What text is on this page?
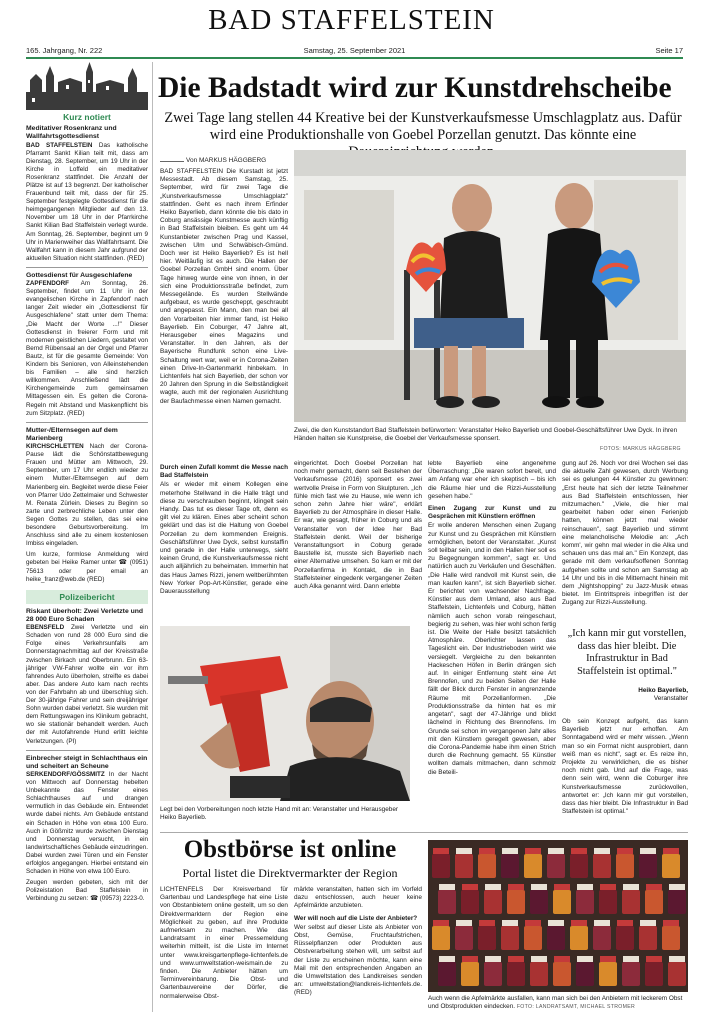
BAD STAFFELSTEIN
165. Jahrgang, Nr. 222	Samstag, 25. September 2021	Seite 17
Kurz notiert
Meditativer Rosenkranz und Wallfahrtsgottesdienst
BAD STAFFELSTEIN Das katholische Pfarramt Sankt Kilian teilt mit, dass am Dienstag, 28. September, um 19 Uhr in der Kirche in Loffeld ein meditativer Rosenkranz stattfindet. Die Anzahl der Plätze ist auf 13 begrenzt. Der katholischer Frauenbund teilt mit, dass der für 25. September festgelegte Gottesdienst für die heimgegangenen Mitglieder auf den 13. November um 18 Uhr in der Pfarrkirche Sankt Kilian Bad Staffelstein verlegt wurde. Am Sonntag, 26. September, beginnt um 9 Uhr in Marienweiher das Wallfahrtsamt. Die Wallfahrt kann in diesem Jahr aufgrund der aktuellen Situation nicht stattfinden. (RED)
Gottesdienst für Ausgeschlafene
ZAPFENDORF Am Sonntag, 26. September, findet um 11 Uhr in der evangelischen Kirche in Zapfendorf nach langer Zeit wieder ein „Gottesdienst für Ausgeschlafene" statt unter dem Thema: „Die Macht der Worte ...!" Dieser Gottesdienst in freierer Form und mit modernen geistlichen Liedern, gestaltet von Bernd Rübensaal an der Orgel und Pfarrer Bautz, ist für die gesamte Gemeinde: Von Kindern bis Senioren, von Alleinstehenden bis Familien – alle sind herzlich willkommen. Anschließend lädt die Kirchengemeinde zum gemeinsamen Mittagessen ein. Es gelten die Corona-Regeln mit Abstand und Maskenpflicht bis zum Sitzplatz. (RED)
Mutter-/Elternsegen auf dem Marienberg
KIRCHSCHLETTEN Nach der Corona-Pause lädt die Schönstattbewegung Frauen und Mütter am Mittwoch, 29. September, um 17 Uhr endlich wieder zu einem Mutter-/Elternsegen auf dem Marienberg ein. Begleitet werde diese Feier von Pfarrer Udo Zettelmaier und Schwester M. Renata Zürlein. Dieses zu Beginn so zarte und zerbrechliche Leben unter den Segen Gottes zu stellen, das sei eine besondere Geburtsvorbereitung. Im Anschluss sind alle zu einem kostenlosen Imbiss eingeladen.
Um kurze, formlose Anmeldung wird gebeten bei Heike Ramer unter ☎ (0951) 75613 oder per email an heike_franz@web.de (RED)
Polizeibericht
Riskant überholt: Zwei Verletzte und 28 000 Euro Schaden
EBENSFELD Zwei Verletzte und ein Schaden von rund 28 000 Euro sind die Folge eines Verkehrsunfalls am Donnerstagnachmittag auf der Kreisstraße zwischen Birkach und Oberbrunn. Ein 63-jähriger VW-Fahrer wollte ein vor ihm fahrendes Auto überholen, streifte es dabei aber. Das andere Auto kam nach rechts von der Fahrbahn ab und überschlug sich. Der 30-jährige Fahrer und sein dreijähriger Sohn wurden dabei verletzt. Sie wurden mit dem Rettungswagen ins Klinikum gebracht, wo sie stationär behandelt werden. Auch der mit Autofahrende Hund erlitt leichte Verletzungen. (PI)
Einbrecher steigt in Schlachthaus ein und scheitert an Scheune
SERKENDORF/GÖSSMITZ In der Nacht von Mittwoch auf Donnerstag hebelten Unbekannte das Fenster eines Schlachthauses auf und drangen vermutlich in das Gebäude ein. Entwendet wurde dabei nichts. Am Gebäude entstand ein Schaden in Höhe von etwa 100 Euro. Auch in Gößmitz wurde zwischen Dienstag und Donnerstag versucht, in ein landwirtschaftliches Gebäude einzudringen. Dabei wurden zwei Türen und ein Fenster erfolglos angegangen. Hierbei entstand ein Schaden in Höhe von etwa 100 Euro.
Zeugen werden gebeten, sich mit der Polizeistation Bad Staffelstein in Verbindung zu setzen: ☎ (09573) 2223-0.
Die Badstadt wird zur Kunstdrehscheibe
Zwei Tage lang stellen 44 Kreative bei der Kunstverkaufsmesse Umschlagplatz aus. Dafür wird eine Produktionshalle von Goebel Porzellan genutzt. Das könnte eine
Von MARKUS HÄGGBERG
BAD STAFFELSTEIN Die Kurstadt ist jetzt Messestadt. Ab diesem Samstag, 25. September, wird für zwei Tage die „Kunstverkaufsmesse Umschlagplatz" stattfinden. Geht es nach ihrem Erfinder Heiko Bayerlieb, dann könnte die bis dato in Coburg ansässige Kunstmesse auch künftig in Bad Staffelstein bleiben. Es geht um 44 Kunstanbieter zwischen Prag und Kassel, zwischen Ulm und Schwäbisch-Gmünd. Doch wer ist Heiko Bayerlieb? Es ist hell hier. Weitläufig ist es auch. Die Hallen der Goebel Porzellan GmbH sind enorm. Über Tage hinweg wurde eine von ihnen, in der sich eine Produktionsstraße befindet, zum Messegelände. Es wurden Stellwände aufgebaut, es wurde gescheppt, geschraubt und angepasst. Ein Mann, den man bei all den Vorarbeiten hier immer fand, ist Heiko Bayerlieb. Ein Coburger, 47 Jahre alt, Herausgeber eines Magazins und Veranstalter. In den Jahren, als der Bayerische Rundfunk schon eine Live-Schaltung wert war, weil er in Corona-Zeiten einen Drive-In-Gartenmarkt hinbekam. In Lichtenfels hat sich Bayerlieb, der schon vor 20 Jahren den Sprung in die Selbständigkeit wagte, auch mit der regionalen Ausrichtung der Baufachmesse einen Namen gemacht.
Durch einen Zufall kommt die Messe nach Bad Staffelstein
Als er wieder mit einem Kollegen eine meterhohe Stellwand in die Halle trägt und diese zu verschrauben beginnt, klingelt sein Handy. Das tut es dieser Tage oft, denn es gilt viel zu klären. Eines aber scheint schon geklärt und das ist die Haltung von Goebel Porzellan zu dem kommenden Ereignis. Geschäftsführer Uwe Dyck, selbst kunstaffin und gerade in der Halle unterwegs, sieht keinen Grund, die Kunstverkaufsmesse nicht auch alljährlich zu beheimaten. Immerhin hat das Haus James Rizzi, jenem weltberühmten New Yorker Pop-Art-Künstler, gerade eine Dauerausstellung
Zwei, die den Kunststandort Bad Staffelstein befürworten: Veranstalter Heiko Bayerlieb und Goebel-Geschäftsführer Uwe Dyck. In ihren Händen halten sie Kunstpreise, die Goebel der Verkaufsmesse sponsert.
FOTOS: MARKUS HÄGGBERG
Legt bei den Vorbereitungen noch letzte Hand mit an: Veranstalter und Herausgeber Heiko Bayerlieb.
eingerichtet. Doch Goebel Porzellan hat noch mehr gemacht, denn seit Bestehen der Verkaufsmesse (2016) sponsert es zwei wertvolle Preise in Form von Skulpturen. „Ich fühle mich fast wie zu Hause, wie wenn ich schon zehn Jahre hier wäre", erklärt Bayerlieb zu der Atmosphäre in dieser Halle. Er war, wie gesagt, früher in Coburg und als Veranstalter von der Idee her Bad Staffelstein denkt. Weil der bisherige Veranstaltungsort in Coburg gerade Baustelle ist, musste sich Bayerlieb nach einer Alternative umsehen. So kam er mit der Porzellanfirma in Kontakt, die in Bad Staffelsteiner eingedenk vergangener Zeiten auch Alka genannt wird. Dann erlebte
lebte Bayerlieb eine angenehme Überraschung: „Die waren sofort bereit, und am Anfang war eher ich skeptisch – bis ich die Räume hier und die Rizzi-Ausstellung gesehen habe."
Einen Zugang zur Kunst und zu Gesprächen mit Künstlern eröffnen
Er wolle anderen Menschen einen Zugang zur Kunst und zu Gesprächen mit Künstlern ermöglichen, betont der Veranstalter. „Kunst soll teilbar sein, und in den Hallen hier soll es zu Begegnungen kommen", sagt er. Und natürlich auch zu Verkäufen und Geschäften. „Die Halle wird randvoll mit Kunst sein, die man kaufen kann", ist sich Bayerlieb sicher. Er berichtet von wachsender Nachfrage. Künstler aus dem Umland, also aus Bad Staffelstein, Lichtenfels und Coburg, hätten nämlich auch schon vorab reingeschaut, begierig zu sehen, was hier wohl schon fertig ist. Die Weite der Halle besitzt tatsächlich Atmosphäre. Oberlichter lassen das Tageslicht ein. Der Industrieboden wirkt wie versiegelt. Vergleiche zu den bekannten Hackeschen Höfen in Berlin drängen sich auf. In einiger Entfernung steht eine Art Brennofen, und zu beiden Seiten der Halle fällt der Blick durch Fenster in angrenzende Räume mit Porzellanformen. „Die Produktionsstraße da hinten hat es mir angetan", sagt der 47-Jährige und blickt lächelnd in Richtung des Brennofens. Im Grunde sei schon im vergangenen Jahr alles mit den Künstlern geregelt gewesen, aber die Corona-Pandemie habe ihm einen Strich durch die Rechnung gemacht. 55 Künstler wollten damals mitmachen, dann schmolz die Beteili-
gung auf 26. Noch vor drei Wochen sei das die aktuelle Zahl gewesen, durch Werbung sei es gelungen 44 Künstler zu gewinnen: „Erst heute hat sich der letzte Teilnehmer aus Bad Staffelstein entschlossen, hier mitzumachen." „Viele, die hier mal gearbeitet haben oder einen Ferienjob hatten, können jetzt mal wieder reinschauen", sagt Bayerlieb und stimmt eine melancholische Melodie an: „Ach komm', wir gehn mal wieder in die Alka und schauen uns das mal an." Ein Konzept, das gerade mit dem verkaufsoffenen Sonntag aufgehen sollte und schon am Samstag ab 14 Uhr und bis in die Mitternacht hinein mit dem „Nightshopping" zu Jazz-Musik etwas bietet. Im Eintrittspreis inbegriffen ist der Zugang zur Rizzi-Ausstellung.
„Ich kann mir gut vorstellen, dass das hier bleibt. Die Infrastruktur in Bad Staffelstein ist optimal."
Heiko Bayerlieb,
Veranstalter
Ob sein Konzept aufgeht, das kann Bayerlieb jetzt nur erhoffen. Am Sonntagabend wird er mehr wissen. „Wenn man so ein Format nicht ausprobiert, dann weiß man es nicht", sagt er. Es reize ihn, Projekte zu verwirklichen, die es bisher noch nicht gab. Und auf die Frage, was denn sein wird, wenn die Coburger ihre Kunstverkaufsmesse zurückwollen, antwortet er: „Ich kann mir gut vorstellen, dass das hier bleibt. Die Infrastruktur in Bad Staffelstein ist optimal."
Obstbörse ist online
Portal listet die Direktvermarkter der Region
LICHTENFELS Der Kreisverband für Gartenbau und Landespflege hat eine Liste von Obstanbietern online gestellt, um so den Direktvermarktern der Region eine Möglichkeit zu geben, auf ihre Produkte aufmerksam zu machen. Wie das Landratsamt in einer Pressemeldung weiterhin mitteilt, ist die Liste im Internet unter www.kreisgartenpflege-lichtenfels.de und www.umweltstation-weismain.de zu finden. Die Anbieter hätten um Terminvereinbarung. Die Obst- und Gartenbauvereine der Dörfer, die normalerweise Obst-
märkte veranstalten, hatten sich im Vorfeld dazu entschlossen, auch heuer keine Apfelmärkte anzubieten.
Wer will noch auf die Liste der Anbieter?
Wer selbst auf dieser Liste als Anbieter von Obst, Gemüse, Fruchtaufstrichen, Rüsselpflanzen oder Produkten aus Obstverarbeitung stehen will, um selbst auf der Liste zu erscheinen möchte, kann eine Mail mit den entsprechenden Angaben an die Umweltstation des Landkreises senden an: umweltstation@landkreis-lichtenfels.de. (RED)
Auch wenn die Apfelmärkte ausfallen, kann man sich bei den Anbietern mit leckerem Obst und Obstprodukten eindecken. FOTO: LANDRATSAMT, MICHAEL STROMER
